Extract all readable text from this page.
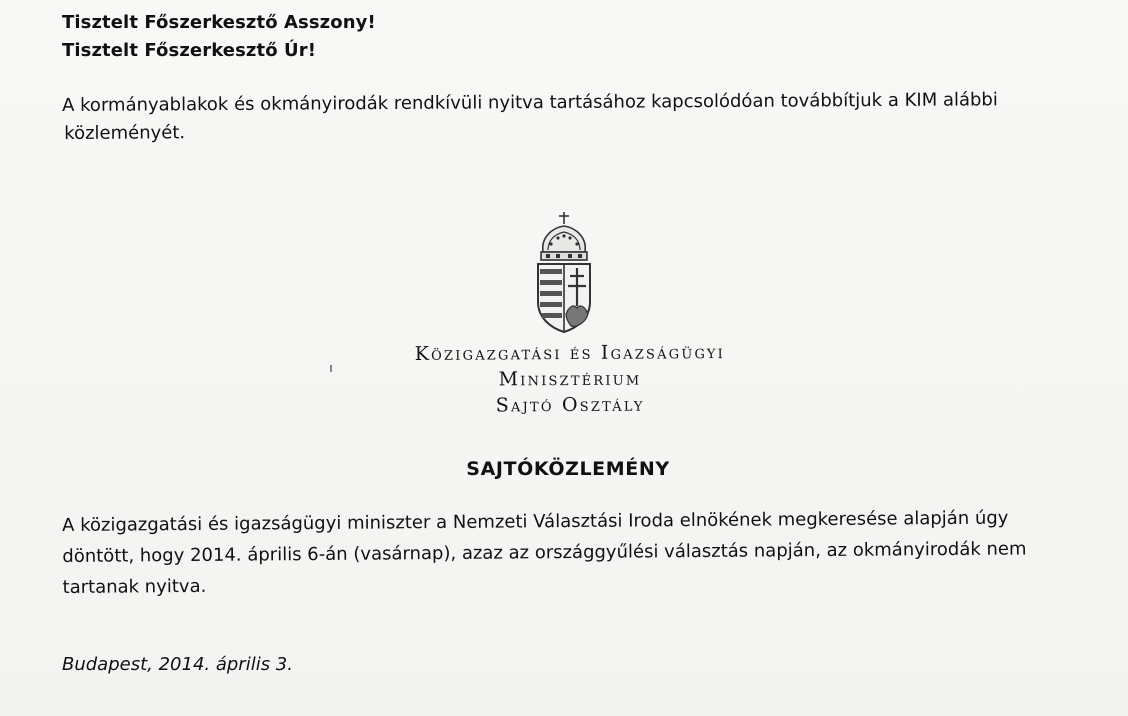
Tisztelt Főszerkesztő Asszony!
Tisztelt Főszerkesztő Úr!
A kormányablakok és okmányirodák rendkívüli nyitva tartásához kapcsolódóan továbbítjuk a KIM alábbi
közleményét.
Közigazgatási és Igazságügyi
Minisztérium
Sajtó Osztály
SAJTÓKÖZLEMÉNY
A közigazgatási és igazságügyi miniszter a Nemzeti Választási Iroda elnökének megkeresése alapján úgy
döntött, hogy 2014. április 6-án (vasárnap), azaz az országgyűlési választás napján, az okmányirodák nem
tartanak nyitva.
Budapest, 2014. április 3.
